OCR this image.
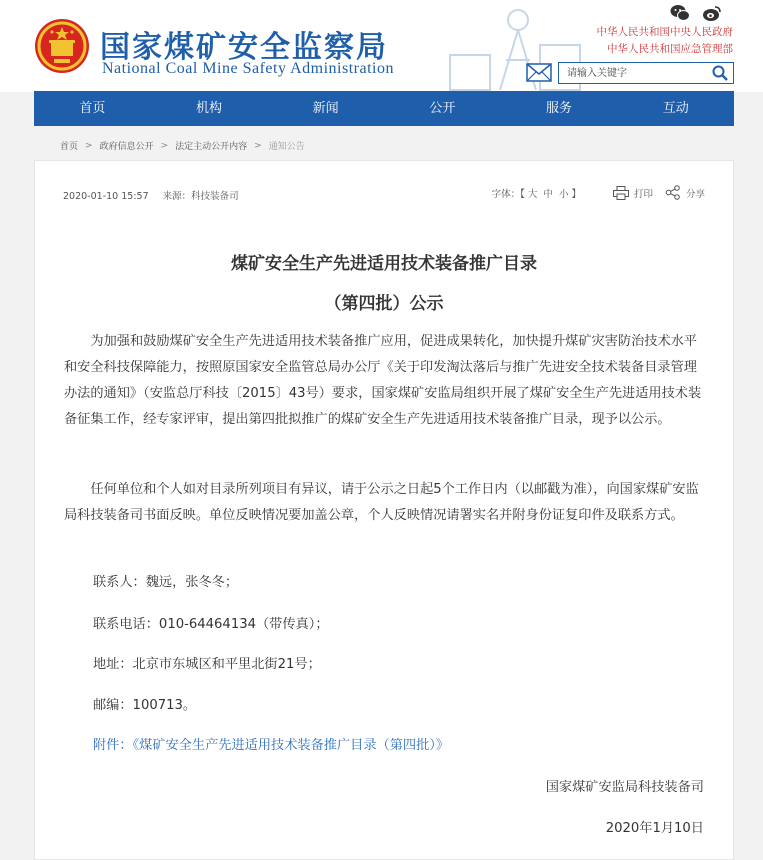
国家煤矿安全监察局
National Coal Mine Safety Administration
中华人民共和国中央人民政府
中华人民共和国应急管理部
请输入关键字
首页	机构	新闻	公开	服务	互动
首页 > 政府信息公开 > 法定主动公开内容 > 通知公告
2020-01-10 15:57 来源：科技装备司	字体：【 大 中 小 】	打印	分享
煤矿安全生产先进适用技术装备推广目录
（第四批）公示
为加强和鼓励煤矿安全生产先进适用技术装备推广应用，促进成果转化，加快提升煤矿灾害防治技术水平和安全科技保障能力，按照原国家安全监管总局办公厅《关于印发淘汰落后与推广先进安全技术装备目录管理办法的通知》（安监总厅科技〔2015〕43号）要求，国家煤矿安监局组织开展了煤矿安全生产先进适用技术装备征集工作，经专家评审，提出第四批拟推广的煤矿安全生产先进适用技术装备推广目录，现予以公示。
任何单位和个人如对目录所列项目有异议，请于公示之日起5个工作日内（以邮戳为准），向国家煤矿安监局科技装备司书面反映。单位反映情况要加盖公章，个人反映情况请署实名并附身份证复印件及联系方式。
联系人：魏远，张冬冬；
联系电话：010-64464134（带传真）；
地址：北京市东城区和平里北街21号；
邮编：100713。
附件：《煤矿安全生产先进适用技术装备推广目录（第四批）》
国家煤矿安监局科技装备司
2020年1月10日
